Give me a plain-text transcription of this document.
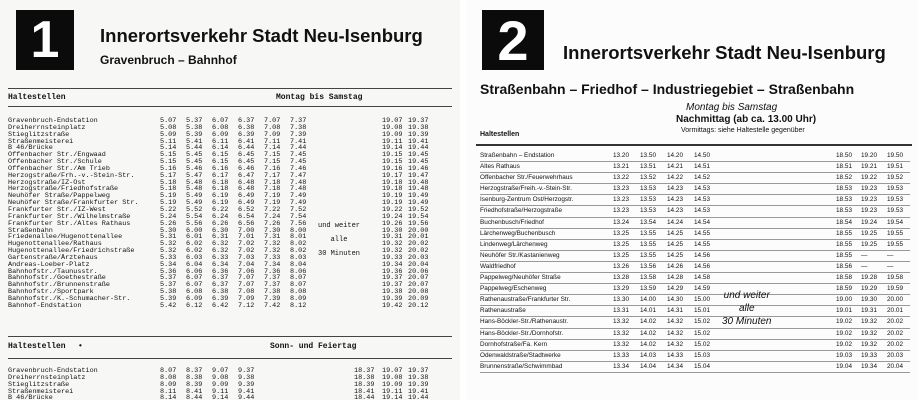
1	Innerortsverkehr Stadt Neu-Isenburg
Gravenbruch – Bahnhof
Haltestellen	Montag bis Samstag
Gravenbruch-Endstation	5.07	5.37	6.07	6.37	7.07	7.37	19.07 19.37
Dreiherrnsteinplatz	5.08	5.38	6.08	6.38	7.08	7.38	19.08 19.38
Stieglitzstraße	5.09	5.39	6.09	6.39	7.09	7.39	19.09 19.39
Straßenmeisterei	5.11	5.41	6.11	6.41	7.11	7.41	19.11 19.41
B 46/Brücke	5.14	5.44	6.14	6.44	7.14	7.44	19.14 19.44
Offenbacher Str./Engwaad	5.15	5.45	6.15	6.45	7.15	7.45	19.15 19.45
Offenbacher Str./Schule	5.15	5.45	6.15	6.45	7.15	7.45	19.15 19.45
Offenbacher Str./Am Trieb	5.16	5.46	6.16	6.46	7.16	7.46	19.16 19.46
Herzogstraße/Frh.-v.-Stein-Str.	5.17	5.47	6.17	6.47	7.17	7.47	19.17 19.47
Herzogstraße/IZ-Ost	5.18	5.48	6.18	6.48	7.18	7.48	19.18 19.48
Herzogstraße/Friedhofstraße	5.18	5.48	6.18	6.48	7.18	7.48	19.18 19.48
Neuhöfer Straße/Pappelweg	5.19	5.49	6.19	6.49	7.19	7.49	19.19 19.49
Neuhöfer Straße/Frankfurter Str.	5.19	5.49	6.19	6.49	7.19	7.49	19.19 19.49
Frankfurter Str./IZ-West	5.22	5.52	6.22	6.52	7.22	7.52	19.22 19.52
Frankfurter Str./Wilhelmstraße	5.24	5.54	6.24	6.54	7.24	7.54	19.24 19.54
Frankfurter Str./Altes Rathaus	5.26	5.56	6.26	6.56	7.26	7.56	19.26 19.56
Straßenbahn	5.30	6.00	6.30	7.00	7.30	8.00	19.30 20.00
Friedenallee/Hugenottenallee	5.31	6.01	6.31	7.01	7.31	8.01	19.31 20.01
Hugenottenallee/Rathaus	5.32	6.02	6.32	7.02	7.32	8.02	19.32 20.02
Hugenottenallee/Friedrichstraße	5.32	6.02	6.32	7.02	7.32	8.02	19.32 20.02
Gartenstraße/Ärztehaus	5.33	6.03	6.33	7.03	7.33	8.03	19.33 20.03
Andreas-Loeber-Platz	5.34	6.04	6.34	7.04	7.34	8.04	19.34 20.04
Bahnhofstr./Taunusstr.	5.36	6.06	6.36	7.06	7.36	8.06	19.36 20.06
Bahnhofstr./Goethestraße	5.37	6.07	6.37	7.07	7.37	8.07	19.37 20.07
Bahnhofstr./Brunnenstraße	5.37	6.07	6.37	7.07	7.37	8.07	19.37 20.07
Bahnhofstr./Sportpark	5.38	6.08	6.38	7.08	7.38	8.08	19.38 20.08
Bahnhofstr./K.-Schumacher-Str.	5.39	6.09	6.39	7.09	7.39	8.09	19.39 20.09
Bahnhof-Endstation	5.42	6.12	6.42	7.12	7.42	8.12	19.42 20.12
und weiter
alle
30 Minuten
Haltestellen •	Sonn- und Feiertag
Gravenbruch-Endstation	8.07	8.37	9.07	9.37	18.37	19.07 19.37
Dreiherrnsteinplatz	8.08	8.38	9.08	9.38	18.38	19.08 19.38
Stieglitzstraße	8.09	8.39	9.09	9.39	18.39	19.09 19.39
Straßenmeisterei	8.11	8.41	9.11	9.41	18.41	19.11 19.41
B 46/Brücke	8.14	8.44	9.14	9.44	18.44	19.14 19.44
2	Innerortsverkehr Stadt Neu-Isenburg
Straßenbahn – Friedhof – Industriegebiet – Straßenbahn
Montag bis Samstag
Nachmittag (ab ca. 13.00 Uhr)
Vormittags: siehe Haltestelle gegenüber
Haltestellen
Straßenbahn – Endstation	13.20	13.50	14.20	14.50	18.50	19.20	19.50
Altes Rathaus	13.21	13.51	14.21	14.51	18.51	19.21	19.51
Offenbacher Str./Feuerwehrhaus	13.22	13.52	14.22	14.52	18.52	19.22	19.52
Herzogstraße/Freih.-v.-Stein-Str.	13.23	13.53	14.23	14.53	18.53	19.23	19.53
Isenburg-Zentrum Ost/Herzogstr.	13.23	13.53	14.23	14.53	18.53	19.23	19.53
Friedhofstraße/Herzogstraße	13.23	13.53	14.23	14.53	18.53	19.23	19.53
Buchenbusch/Friedhof	13.24	13.54	14.24	14.54	18.54	19.24	19.54
Lärchenweg/Buchenbusch	13.25	13.55	14.25	14.55	18.55	19.25	19.55
Lindenweg/Lärchenweg	13.25	13.55	14.25	14.55	18.55	19.25	19.55
Neuhöfer Str./Kastanienweg	13.25	13.55	14.25	14.56	18.55	—	—
Waldfriedhof	13.26	13.56	14.26	14.56	18.56	—	—
Pappelweg/Neuhöfer Straße	13.28	13.58	14.28	14.58	18.58	19.28	19.58
Pappelweg/Eschenweg	13.29	13.59	14.29	14.59	18.59	19.29	19.59
Rathenaustraße/Frankfurter Str.	13.30	14.00	14.30	15.00	19.00	19.30	20.00
Rathenaustraße	13.31	14.01	14.31	15.01	19.01	19.31	20.01
Hans-Böckler-Str./Rathenaustr.	13.32	14.02	14.32	15.02	19.02	19.32	20.02
Hans-Böckler-Str./Dornhofstr.	13.32	14.02	14.32	15.02	19.02	19.32	20.02
Dornhofstraße/Fa. Kern	13.32	14.02	14.32	15.02	19.02	19.32	20.02
Odenwaldstraße/Stadtwerke	13.33	14.03	14.33	15.03	19.03	19.33	20.03
Brunnenstraße/Schwimmbad	13.34	14.04	14.34	15.04	19.04	19.34	20.04
und weiter
alle
30 Minuten
